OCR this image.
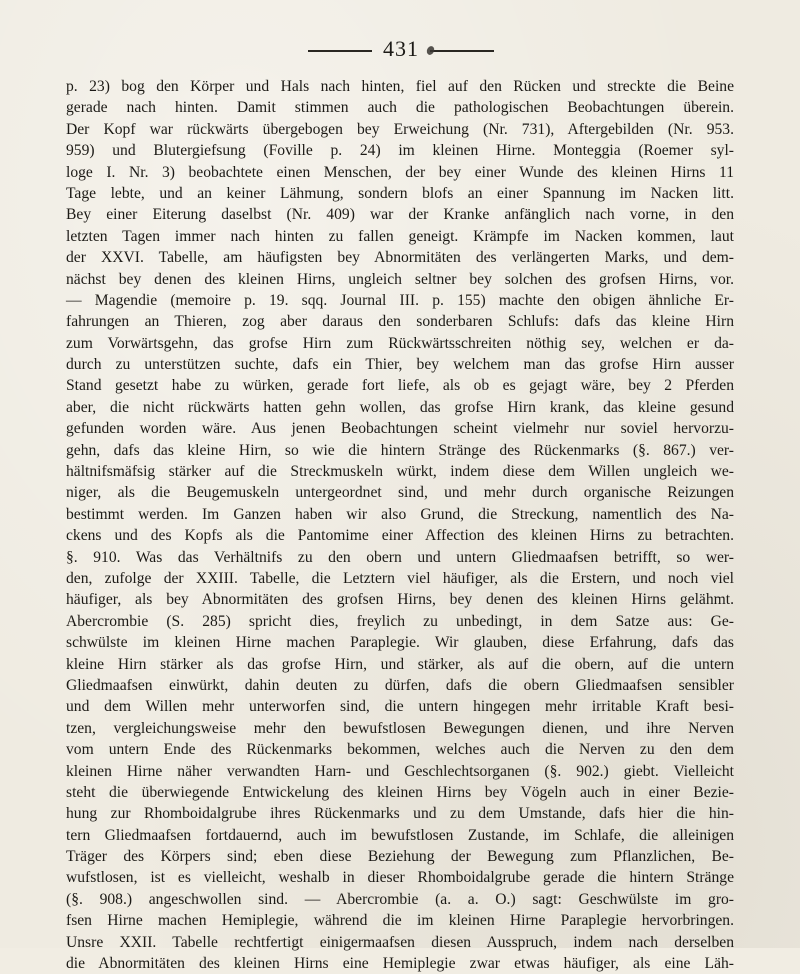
431
p. 23) bog den Körper und Hals nach hinten, fiel auf den Rücken und streckte die Beine
gerade nach hinten. Damit stimmen auch die pathologischen Beobachtungen überein.
Der Kopf war rückwärts übergebogen bey Erweichung (Nr. 731), Aftergebilden (Nr. 953.
959) und Blutergiefsung (Foville p. 24) im kleinen Hirne. Monteggia (Roemer syl-
loge I. Nr. 3) beobachtete einen Menschen, der bey einer Wunde des kleinen Hirns 11
Tage lebte, und an keiner Lähmung, sondern blofs an einer Spannung im Nacken litt.
Bey einer Eiterung daselbst (Nr. 409) war der Kranke anfänglich nach vorne, in den
letzten Tagen immer nach hinten zu fallen geneigt. Krämpfe im Nacken kommen, laut
der XXVI. Tabelle, am häufigsten bey Abnormitäten des verlängerten Marks, und dem-
nächst bey denen des kleinen Hirns, ungleich seltner bey solchen des grofsen Hirns, vor.
— Magendie (memoire p. 19. sqq. Journal III. p. 155) machte den obigen ähnliche Er-
fahrungen an Thieren, zog aber daraus den sonderbaren Schlufs: dafs das kleine Hirn
zum Vorwärtsgehn, das grofse Hirn zum Rückwärtsschreiten nöthig sey, welchen er da-
durch zu unterstützen suchte, dafs ein Thier, bey welchem man das grofse Hirn ausser
Stand gesetzt habe zu würken, gerade fort liefe, als ob es gejagt wäre, bey 2 Pferden
aber, die nicht rückwärts hatten gehn wollen, das grofse Hirn krank, das kleine gesund
gefunden worden wäre. Aus jenen Beobachtungen scheint vielmehr nur soviel hervorzu-
gehn, dafs das kleine Hirn, so wie die hintern Stränge des Rückenmarks (§. 867.) ver-
hältnifsmäfsig stärker auf die Streckmuskeln würkt, indem diese dem Willen ungleich we-
niger, als die Beugemuskeln untergeordnet sind, und mehr durch organische Reizungen
bestimmt werden. Im Ganzen haben wir also Grund, die Streckung, namentlich des Na-
ckens und des Kopfs als die Pantomime einer Affection des kleinen Hirns zu betrachten.
§. 910. Was das Verhältnifs zu den obern und untern Gliedmaafsen betrifft, so wer-
den, zufolge der XXIII. Tabelle, die Letztern viel häufiger, als die Erstern, und noch viel
häufiger, als bey Abnormitäten des grofsen Hirns, bey denen des kleinen Hirns gelähmt.
Abercrombie (S. 285) spricht dies, freylich zu unbedingt, in dem Satze aus: Ge-
schwülste im kleinen Hirne machen Paraplegie. Wir glauben, diese Erfahrung, dafs das
kleine Hirn stärker als das grofse Hirn, und stärker, als auf die obern, auf die untern
Gliedmaafsen einwürkt, dahin deuten zu dürfen, dafs die obern Gliedmaafsen sensibler
und dem Willen mehr unterworfen sind, die untern hingegen mehr irritable Kraft besi-
tzen, vergleichungsweise mehr den bewufstlosen Bewegungen dienen, und ihre Nerven
vom untern Ende des Rückenmarks bekommen, welches auch die Nerven zu den dem
kleinen Hirne näher verwandten Harn- und Geschlechtsorganen (§. 902.) giebt. Vielleicht
steht die überwiegende Entwickelung des kleinen Hirns bey Vögeln auch in einer Bezie-
hung zur Rhomboidalgrube ihres Rückenmarks und zu dem Umstande, dafs hier die hin-
tern Gliedmaafsen fortdauernd, auch im bewufstlosen Zustande, im Schlafe, die alleinigen
Träger des Körpers sind; eben diese Beziehung der Bewegung zum Pflanzlichen, Be-
wufstlosen, ist es vielleicht, weshalb in dieser Rhomboidalgrube gerade die hintern Stränge
(§. 908.) angeschwollen sind. — Abercrombie (a. a. O.) sagt: Geschwülste im gro-
fsen Hirne machen Hemiplegie, während die im kleinen Hirne Paraplegie hervorbringen.
Unsre XXII. Tabelle rechtfertigt einigermaafsen diesen Ausspruch, indem nach derselben
die Abnormitäten des kleinen Hirns eine Hemiplegie zwar etwas häufiger, als eine Läh-
